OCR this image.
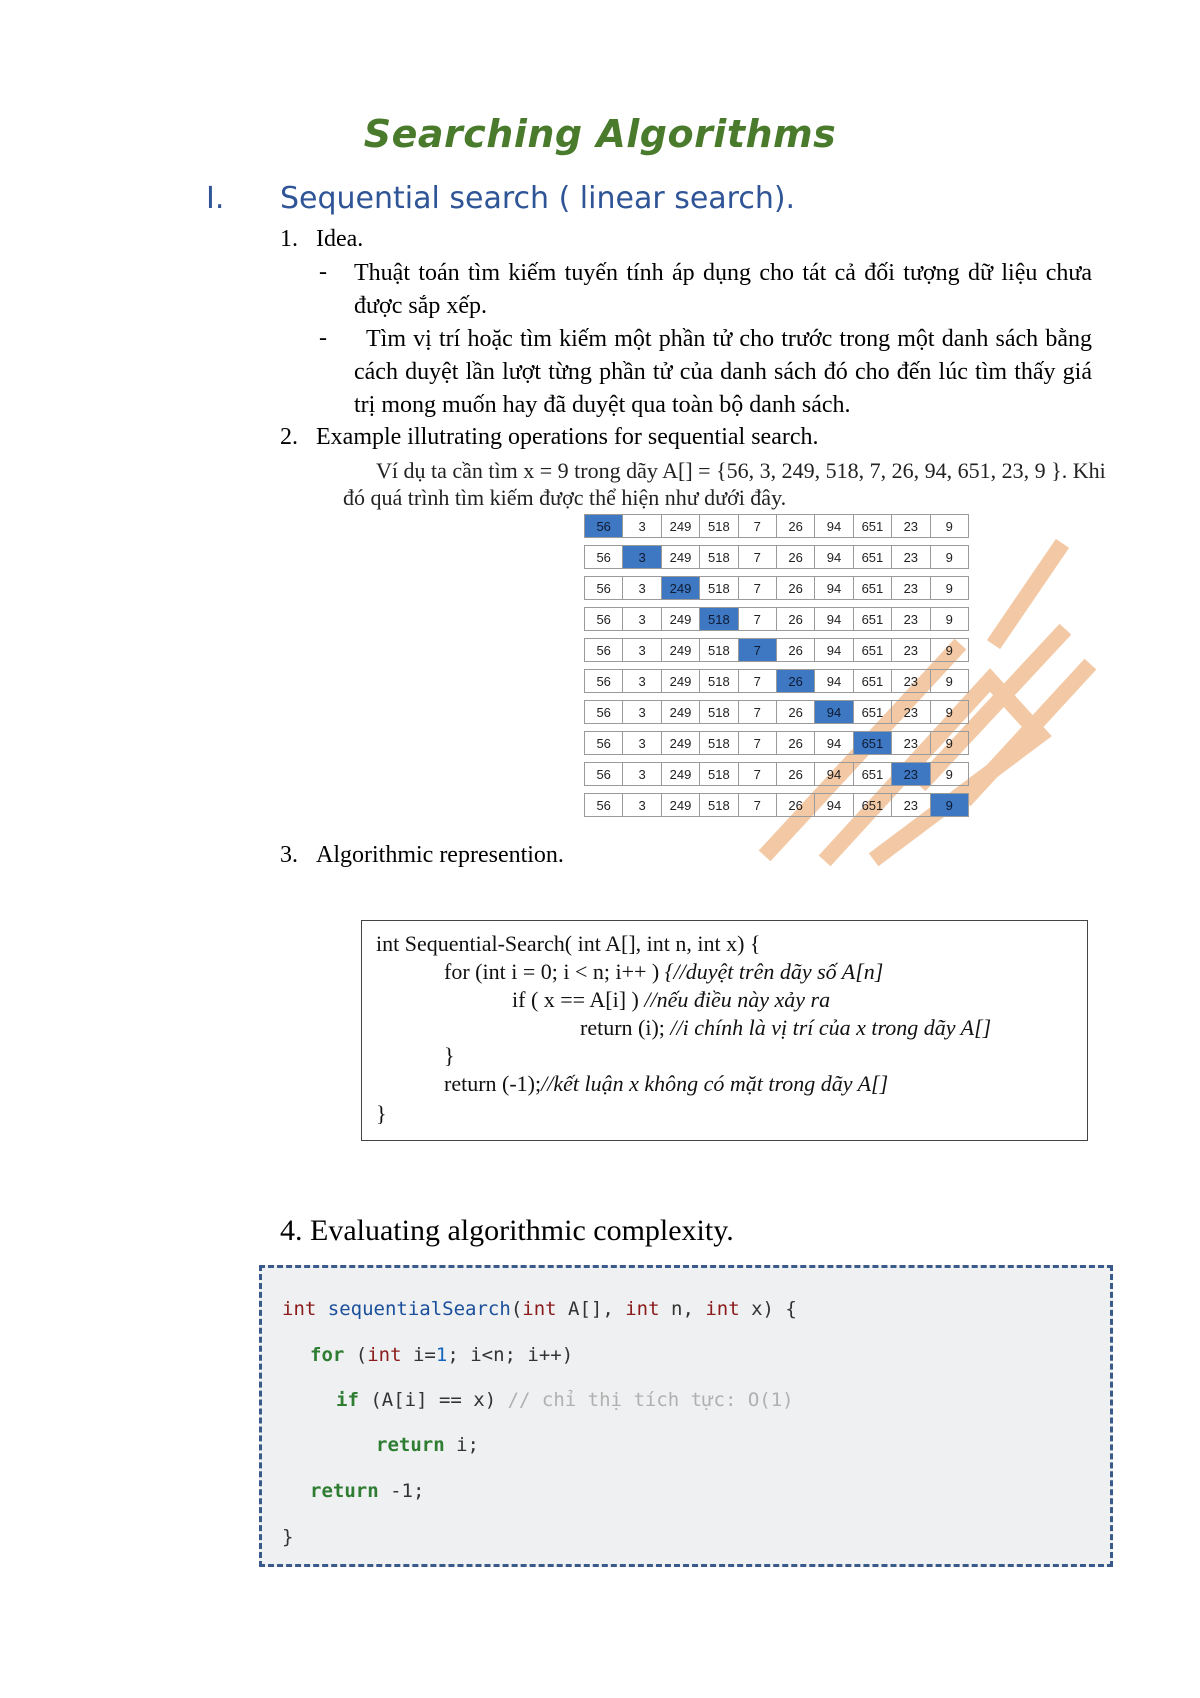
Searching Algorithms
I. Sequential search ( linear search).
1. Idea.
- Thuật toán tìm kiếm tuyến tính áp dụng cho tát cả đối tượng dữ liệu chưa được sắp xếp.
-	Tìm vị trí hoặc tìm kiếm một phần tử cho trước trong một danh sách bằng cách duyệt lần lượt từng phần tử của danh sách đó cho đến lúc tìm thấy giá trị mong muốn hay đã duyệt qua toàn bộ danh sách.
2. Example illutrating operations for sequential search.
Ví dụ ta cần tìm x = 9 trong dãy A[] = {56, 3, 249, 518, 7, 26, 94, 651, 23, 9 }. Khi
đó quá trình tìm kiếm được thể hiện như dưới đây.
56	3	249	518	7	26	94	651	23	9

56	3	249	518	7	26	94	651	23	9

56	3	249	518	7	26	94	651	23	9

56	3	249	518	7	26	94	651	23	9

56	3	249	518	7	26	94	651	23	9

56	3	249	518	7	26	94	651	23	9

56	3	249	518	7	26	94	651	23	9

56	3	249	518	7	26	94	651	23	9

56	3	249	518	7	26	94	651	23	9

56	3	249	518	7	26	94	651	23	9
3. Algorithmic represention.
int Sequential-Search( int A[], int n, int x) {
for (int i = 0; i < n; i++ ) {//duyệt trên dãy số A[n]
if ( x == A[i] ) //nếu điều này xảy ra
return (i); //i chính là vị trí của x trong dãy A[]
}
return (-1);//kết luận x không có mặt trong dãy A[]
}
4. Evaluating algorithmic complexity.
int sequentialSearch(int A[], int n, int x) {
for (int i=1; i<n; i++)
if (A[i] == x) // chỉ thị tích tực: O(1)
return i;
return -1;
}
